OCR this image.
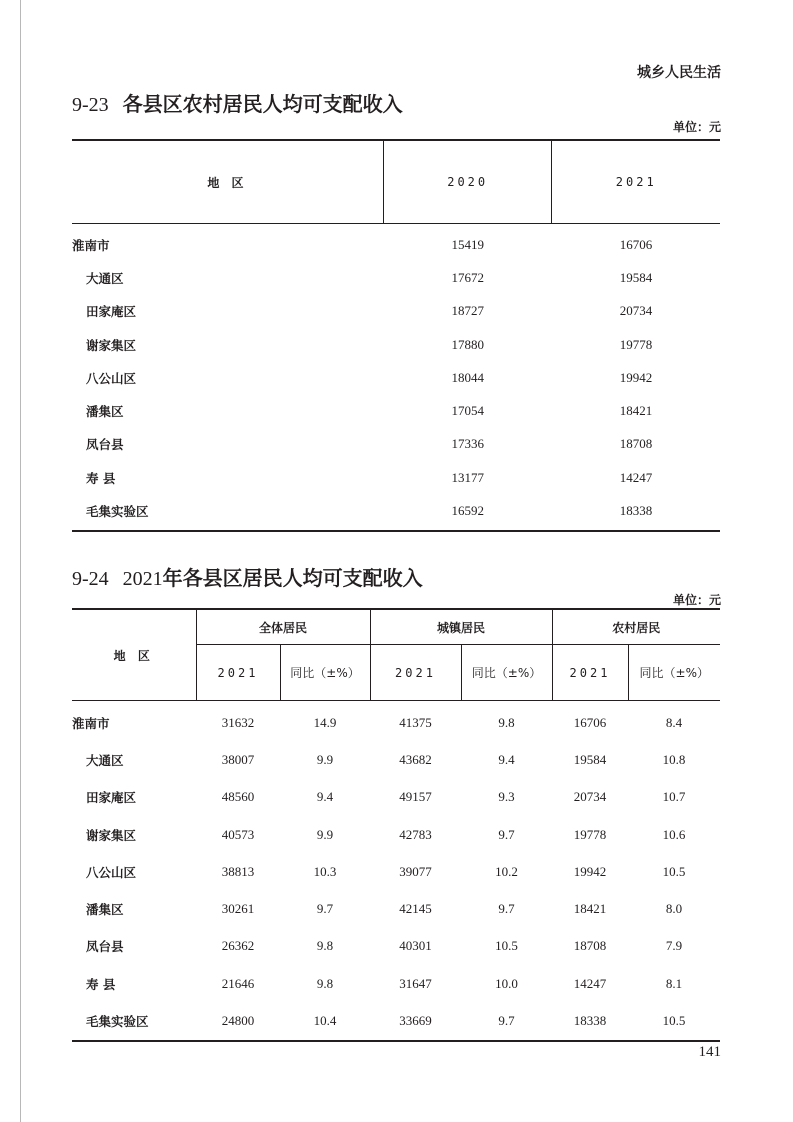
城乡人民生活
9-23 各县区农村居民人均可支配收入
单位：元
地 区	2020	2021
淮南市	15419	16706
大通区	17672	19584
田家庵区	18727	20734
谢家集区	17880	19778
八公山区	18044	19942
潘集区	17054	18421
凤台县	17336	18708
寿 县	13177	14247
毛集实验区	16592	18338
9-24 2021年各县区居民人均可支配收入
单位：元
地 区	全体居民		城镇居民		农村居民	
	2021	同比（±%）	2021	同比（±%）	2021	同比（±%）
淮南市	31632	14.9	41375	9.8	16706	8.4
大通区	38007	9.9	43682	9.4	19584	10.8
田家庵区	48560	9.4	49157	9.3	20734	10.7
谢家集区	40573	9.9	42783	9.7	19778	10.6
八公山区	38813	10.3	39077	10.2	19942	10.5
潘集区	30261	9.7	42145	9.7	18421	8.0
凤台县	26362	9.8	40301	10.5	18708	7.9
寿 县	21646	9.8	31647	10.0	14247	8.1
毛集实验区	24800	10.4	33669	9.7	18338	10.5
141
